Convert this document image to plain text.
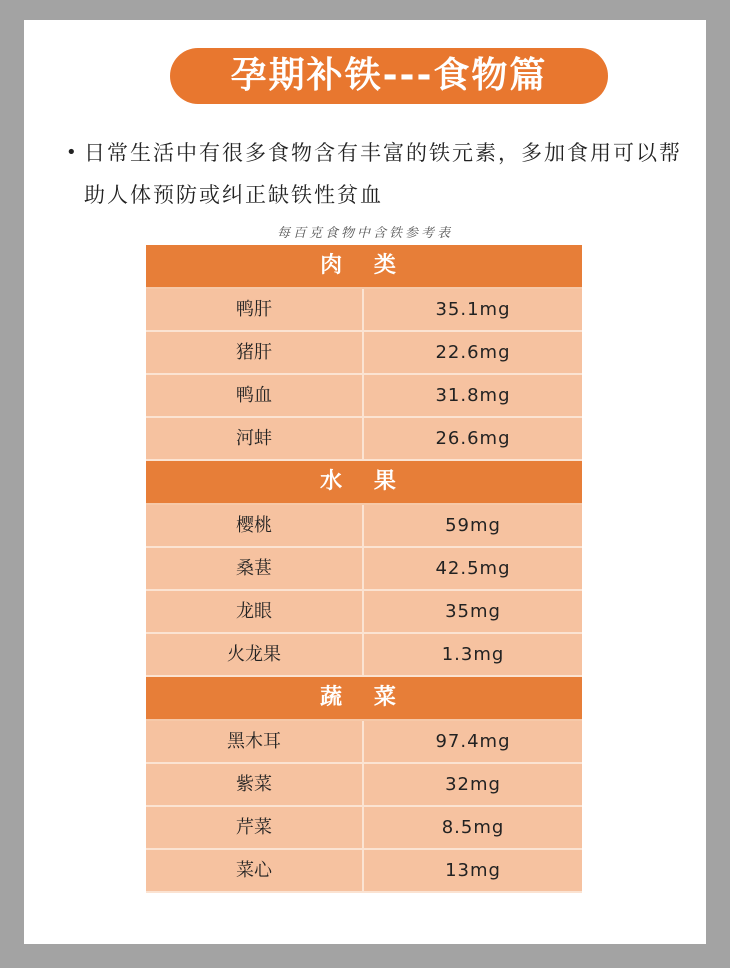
孕期补铁---食物篇
• 日常生活中有很多食物含有丰富的铁元素，多加食用可以帮助人体预防或纠正缺铁性贫血
每百克食物中含铁参考表
肉 类
鸭肝	35.1mg
猪肝	22.6mg
鸭血	31.8mg
河蚌	26.6mg
水 果
樱桃	59mg
桑葚	42.5mg
龙眼	35mg
火龙果	1.3mg
蔬 菜
黑木耳	97.4mg
紫菜	32mg
芹菜	8.5mg
菜心	13mg
